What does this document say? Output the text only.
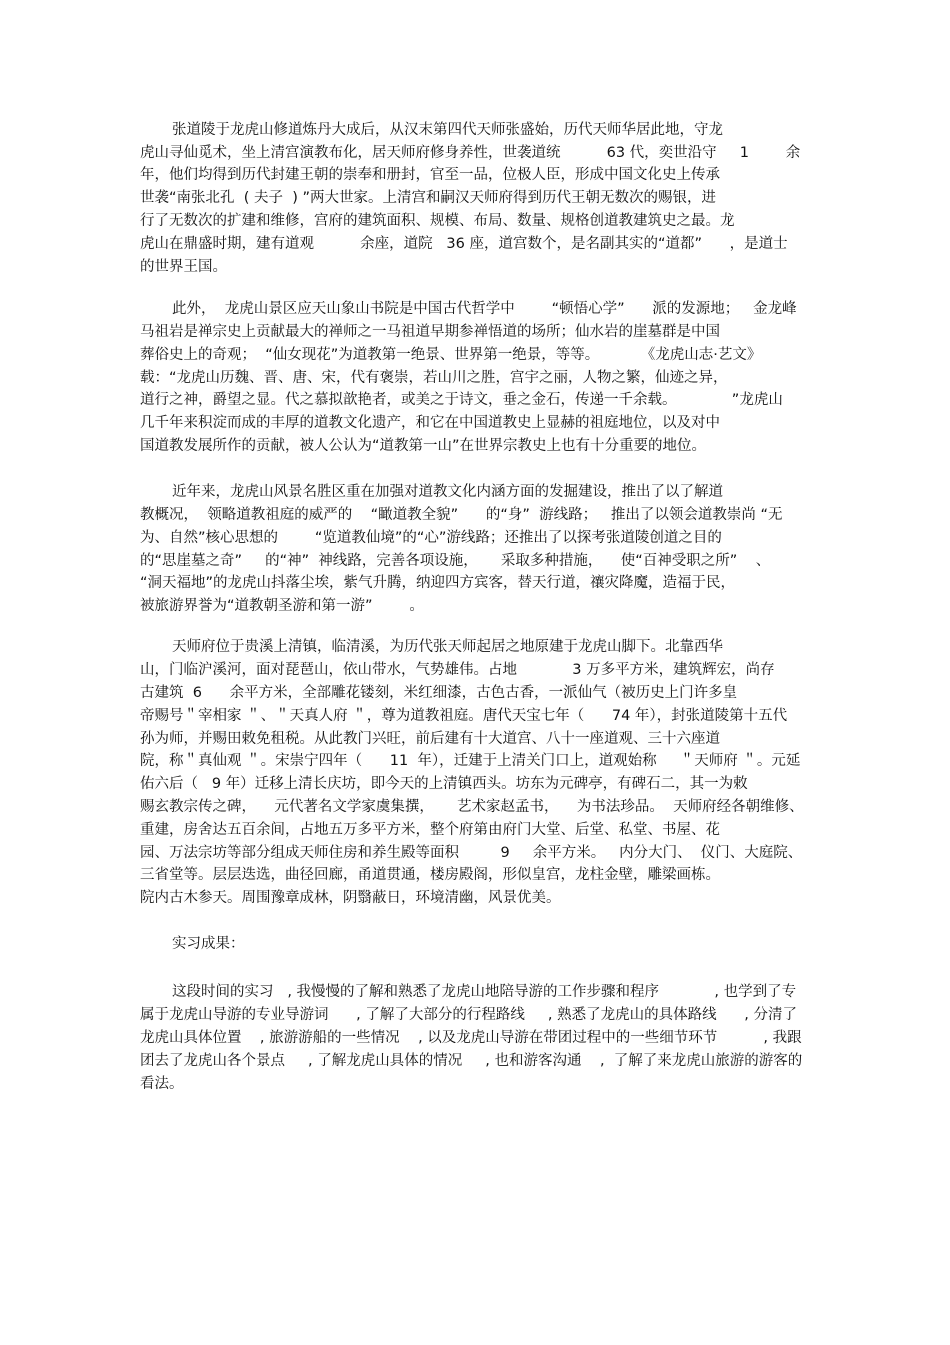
张道陵于龙虎山修道炼丹大成后，从汉末第四代天师张盛始，历代天师华居此地，守龙
虎山寻仙觅术，坐上清宫演教布化，居天师府修身养性，世袭道统          63 代，奕世沿守     1        余
年，他们均得到历代封建王朝的崇奉和册封，官至一品，位极人臣，形成中国文化史上传承
世袭“南张北孔  ( 夫子  ) ”两大世家。上清宫和嗣汉天师府得到历代王朝无数次的赐银，进
行了无数次的扩建和维修，宫府的建筑面积、规模、布局、数量、规格创道教建筑史之最。龙
虎山在鼎盛时期，建有道观          余座，道院   36 座，道宫数个，是名副其实的“道都”      ，是道士
的世界王国。
此外，  龙虎山景区应天山象山书院是中国古代哲学中        “顿悟心学”      派的发源地；   金龙峰
马祖岩是禅宗史上贡献最大的禅师之一马祖道早期参禅悟道的场所；仙水岩的崖墓群是中国
葬俗史上的奇观；  “仙女现花”为道教第一绝景、世界第一绝景，等等。         《龙虎山志·艺文》
载：“龙虎山历魏、晋、唐、宋，代有褒崇，若山川之胜，宫宇之丽，人物之繁，仙迹之异，
道行之神，爵望之显。代之慕拟歆艳者，或美之于诗文，垂之金石，传递一千余载。            ”龙虎山
几千年来积淀而成的丰厚的道教文化遗产，和它在中国道教史上显赫的祖庭地位，以及对中
国道教发展所作的贡献，被人公认为“道教第一山”在世界宗教史上也有十分重要的地位。
近年来，龙虎山风景名胜区重在加强对道教文化内涵方面的发掘建设，推出了以了解道
教概况，  领略道教祖庭的威严的    “瞰道教全貌”      的“身”  游线路；   推出了以领会道教崇尚 “无
为、自然”核心思想的        “览道教仙境”的“心”游线路；还推出了以探考张道陵创道之目的
的“思崖墓之奇”     的“神”  神线路，完善各项设施，     采取多种措施，    使“百神受职之所”    、
“洞天福地”的龙虎山抖落尘埃，紫气升腾，纳迎四方宾客，替天行道，禳灾降魔，造福于民，
被旅游界誉为“道教朝圣游和第一游”        。
天师府位于贵溪上清镇，临清溪，为历代张天师起居之地原建于龙虎山脚下。北靠西华
山，门临沪溪河，面对琵琶山，依山带水，气势雄伟。占地            3 万多平方米，建筑辉宏，尚存
古建筑  6      余平方米，全部雕花镂刻，米红细漆，古色古香，一派仙气（被历史上门许多皇
帝赐号＂宰相家 ＂、＂天真人府 ＂，尊为道教祖庭。唐代天宝七年（      74 年），封张道陵第十五代
孙为师，并赐田敕免租税。从此教门兴旺，前后建有十大道宫、八十一座道观、三十六座道
院，称＂真仙观 ＂。宋崇宁四年（      11  年），迁建于上清关门口上，道观始称     ＂天师府 ＂。元延
佑六后（   9 年）迁移上清长庆坊，即今天的上清镇西头。坊东为元碑亭，有碑石二，其一为敕
赐玄教宗传之碑，    元代著名文学家虞集撰，     艺术家赵孟书，    为书法珍品。  天师府经各朝维修、
重建，房舍达五百余间，占地五万多平方米，整个府第由府门大堂、后堂、私堂、书屋、花
园、万法宗坊等部分组成天师住房和养生殿等面积         9     余平方米。   内分大门、  仪门、大庭院、
三省堂等。层层迭选，曲径回廊，甬道贯通，楼房殿阁，形似皇宫，龙柱金壁，雕梁画栋。
院内古木参天。周围豫章成林，阴翳蔽日，环境清幽，风景优美。
实习成果：
这段时间的实习   , 我慢慢的了解和熟悉了龙虎山地陪导游的工作步骤和程序            , 也学到了专
属于龙虎山导游的专业导游词      , 了解了大部分的行程路线     , 熟悉了龙虎山的具体路线      , 分清了
龙虎山具体位置    , 旅游游船的一些情况    , 以及龙虎山导游在带团过程中的一些细节环节          , 我跟
团去了龙虎山各个景点     , 了解龙虎山具体的情况     , 也和游客沟通    ,  了解了来龙虎山旅游的游客的
看法。
